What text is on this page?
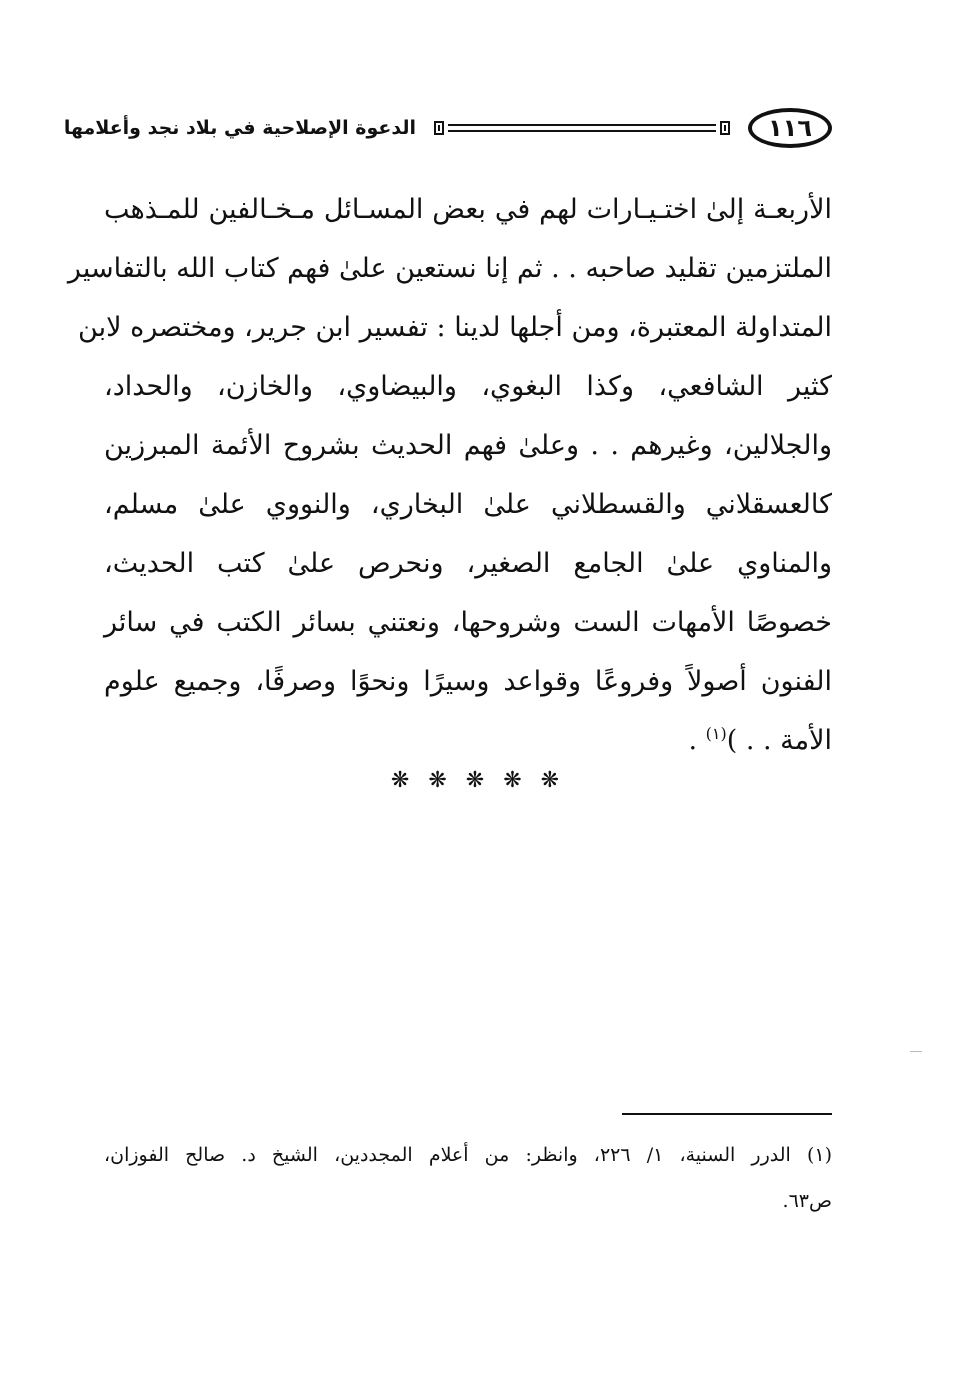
١١٦
الدعوة الإصلاحية في بلاد نجد وأعلامها
الأربعـة إلىٰ اختـيـارات لهم في بعض المسـائل مـخـالفين للمـذهب
الملتزمين تقليد صاحبه . . ثم إنا نستعين علىٰ فهم كتاب الله بالتفاسير
المتداولة المعتبرة، ومن أجلها لدينا : تفسير ابن جرير، ومختصره لابن
كثير الشافعي، وكذا البغوي، والبيضاوي، والخازن، والحداد،
والجلالين، وغيرهم . . وعلىٰ فهم الحديث بشروح الأئمة المبرزين
كالعسقلاني والقسطلاني علىٰ البخاري، والنووي علىٰ مسلم،
والمناوي علىٰ الجامع الصغير، ونحرص علىٰ كتب الحديث،
خصوصًا الأمهات الست وشروحها، ونعتني بسائر الكتب في سائر
الفنون أصولاً وفروعًا وقواعد وسيرًا ونحوًا وصرفًا، وجميع علوم
الأمة . . )$^{(١)}$ .
❋ ❋ ❋ ❋ ❋
(١) الدرر السنية، ١/ ٢٢٦، وانظر: من أعلام المجددين، الشيخ د. صالح الفوزان،
ص٦٣.
